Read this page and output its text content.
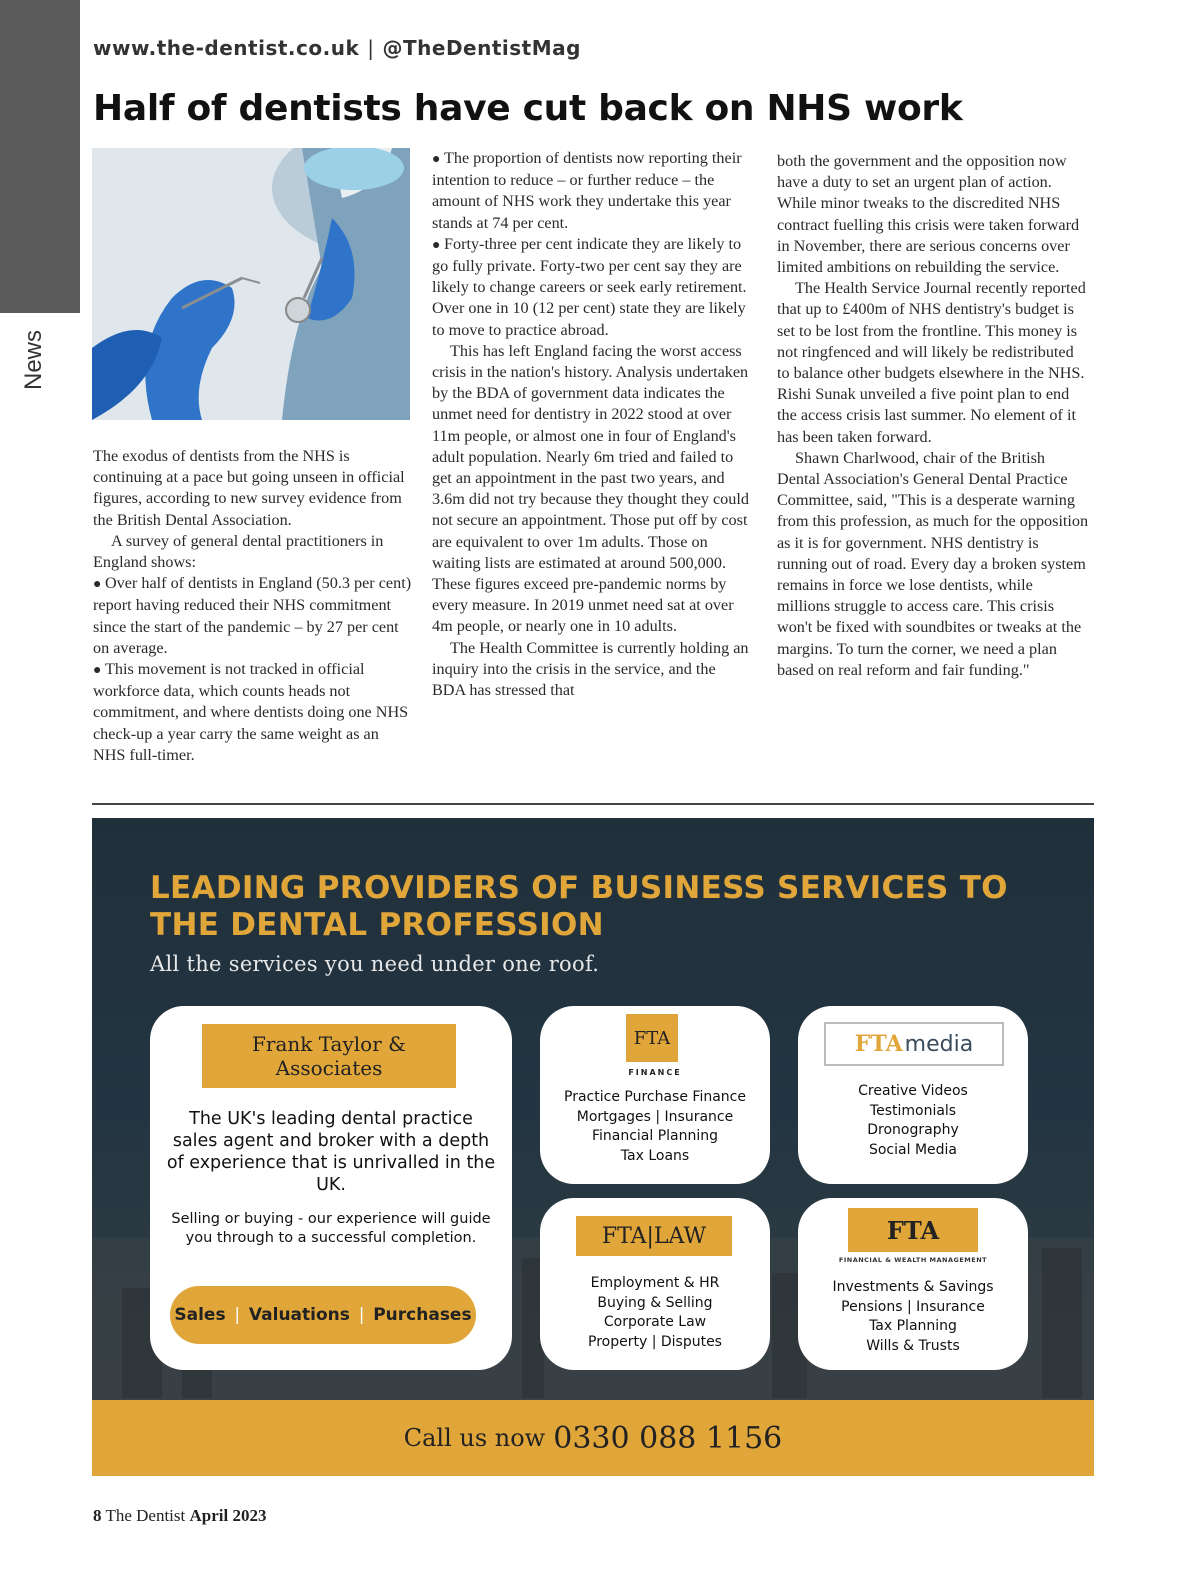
News
www.the-dentist.co.uk | @TheDentistMag
Half of dentists have cut back on NHS work

The exodus of dentists from the NHS is continuing at a pace but going unseen in official figures, according to new survey evidence from the British Dental Association.

A survey of general dental practitioners in England shows:

● Over half of dentists in England (50.3 per cent) report having reduced their NHS commitment since the start of the pandemic – by 27 per cent on average.

● This movement is not tracked in official workforce data, which counts heads not commitment, and where dentists doing one NHS check-up a year carry the same weight as an NHS full-timer.

● The proportion of dentists now reporting their intention to reduce – or further reduce – the amount of NHS work they undertake this year stands at 74 per cent.

● Forty-three per cent indicate they are likely to go fully private. Forty-two per cent say they are likely to change careers or seek early retirement. Over one in 10 (12 per cent) state they are likely to move to practice abroad.

This has left England facing the worst access crisis in the nation's history. Analysis undertaken by the BDA of government data indicates the unmet need for dentistry in 2022 stood at over 11m people, or almost one in four of England's adult population. Nearly 6m tried and failed to get an appointment in the past two years, and 3.6m did not try because they thought they could not secure an appointment. Those put off by cost are equivalent to over 1m adults. Those on waiting lists are estimated at around 500,000. These figures exceed pre-pandemic norms by every measure. In 2019 unmet need sat at over 4m people, or nearly one in 10 adults.

The Health Committee is currently holding an inquiry into the crisis in the service, and the BDA has stressed that

both the government and the opposition now have a duty to set an urgent plan of action. While minor tweaks to the discredited NHS contract fuelling this crisis were taken forward in November, there are serious concerns over limited ambitions on rebuilding the service.

The Health Service Journal recently reported that up to £400m of NHS dentistry's budget is set to be lost from the frontline. This money is not ringfenced and will likely be redistributed to balance other budgets elsewhere in the NHS. Rishi Sunak unveiled a five point plan to end the access crisis last summer. No element of it has been taken forward.

Shawn Charlwood, chair of the British Dental Association's General Dental Practice Committee, said, "This is a desperate warning from this profession, as much for the opposition as it is for government. NHS dentistry is running out of road. Every day a broken system remains in force we lose dentists, while millions struggle to access care. This crisis won't be fixed with soundbites or tweaks at the margins. To turn the corner, we need a plan based on real reform and fair funding."

LEADING PROVIDERS OF BUSINESS SERVICES TO THE DENTAL PROFESSION
All the services you need under one roof.
Frank Taylor & Associates
The UK's leading dental practice sales agent and broker with a depth of experience that is unrivalled in the UK.
Selling or buying - our experience will guide you through to a successful completion.
Sales | Valuations | Purchases
FTA
FINANCE
Practice Purchase Finance
Mortgages | Insurance
Financial Planning
Tax Loans
FTA media
Creative Videos
Testimonials
Dronography
Social Media
FTA|LAW
Employment & HR
Buying & Selling
Corporate Law
Property | Disputes
FTA
FINANCIAL & WEALTH MANAGEMENT
Investments & Savings
Pensions | Insurance
Tax Planning
Wills & Trusts
Call us now 0330 088 1156
8 The Dentist April 2023
